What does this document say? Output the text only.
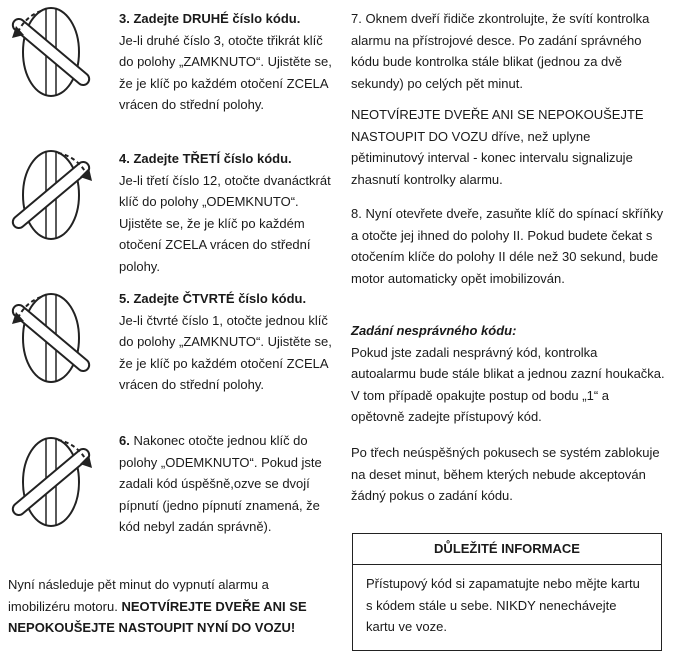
3. Zadejte DRUHÉ číslo kódu.

Je-li druhé číslo 3, otočte třikrát klíč do polohy „ZAMKNUTO“. Ujistěte se, že je klíč po každém otočení ZCELA vrácen do střední polohy.

4. Zadejte TŘETÍ číslo kódu.

Je-li třetí číslo 12, otočte dvanáctkrát klíč do polohy „ODEMKNUTO“. Ujistěte se, že je klíč po každém otočení ZCELA vrácen do střední polohy.

5. Zadejte ČTVRTÉ číslo kódu.

Je-li čtvrté číslo 1, otočte jednou klíč do polohy „ZAMKNUTO“. Ujistěte se, že je klíč po každém otočení ZCELA vrácen do střední polohy.

6. Nakonec otočte jednou klíč do polohy „ODEMKNUTO“. Pokud jste zadali kód úspěšně,ozve se dvojí pípnutí (jedno pípnutí znamená, že kód nebyl zadán správně).

Nyní následuje pět minut do vypnutí alarmu a imobilizéru motoru. NEOTVÍREJTE DVEŘE ANI SE NEPOKOUŠEJTE NASTOUPIT NYNÍ DO VOZU!

7. Oknem dveří řidiče zkontrolujte, že svítí kontrolka alarmu na přístrojové desce. Po zadání správného kódu bude kontrolka stále blikat (jednou za dvě sekundy) po celých pět minut.

NEOTVÍREJTE DVEŘE ANI SE NEPOKOUŠEJTE NASTOUPIT DO VOZU dříve, než uplyne pětiminutový interval - konec intervalu signalizuje zhasnutí kontrolky alarmu.

8. Nyní otevřete dveře, zasuňte klíč do spínací skříňky a otočte jej ihned do polohy II. Pokud budete čekat s otočením klíče do polohy II déle než 30 sekund, bude motor automaticky opět imobilizován.

Zadání nesprávného kódu:

Pokud jste zadali nesprávný kód, kontrolka autoalarmu bude stále blikat a jednou zazní houkačka. V tom případě opakujte postup od bodu „1“ a opětovně zadejte přístupový kód.

Po třech neúspěšných pokusech se systém zablokuje na deset minut, během kterých nebude akceptován žádný pokus o zadání kódu.

DŮLEŽITÉ INFORMACE
Přístupový kód si zapamatujte nebo mějte kartu s kódem stále u sebe. NIKDY nenechávejte kartu ve voze.
